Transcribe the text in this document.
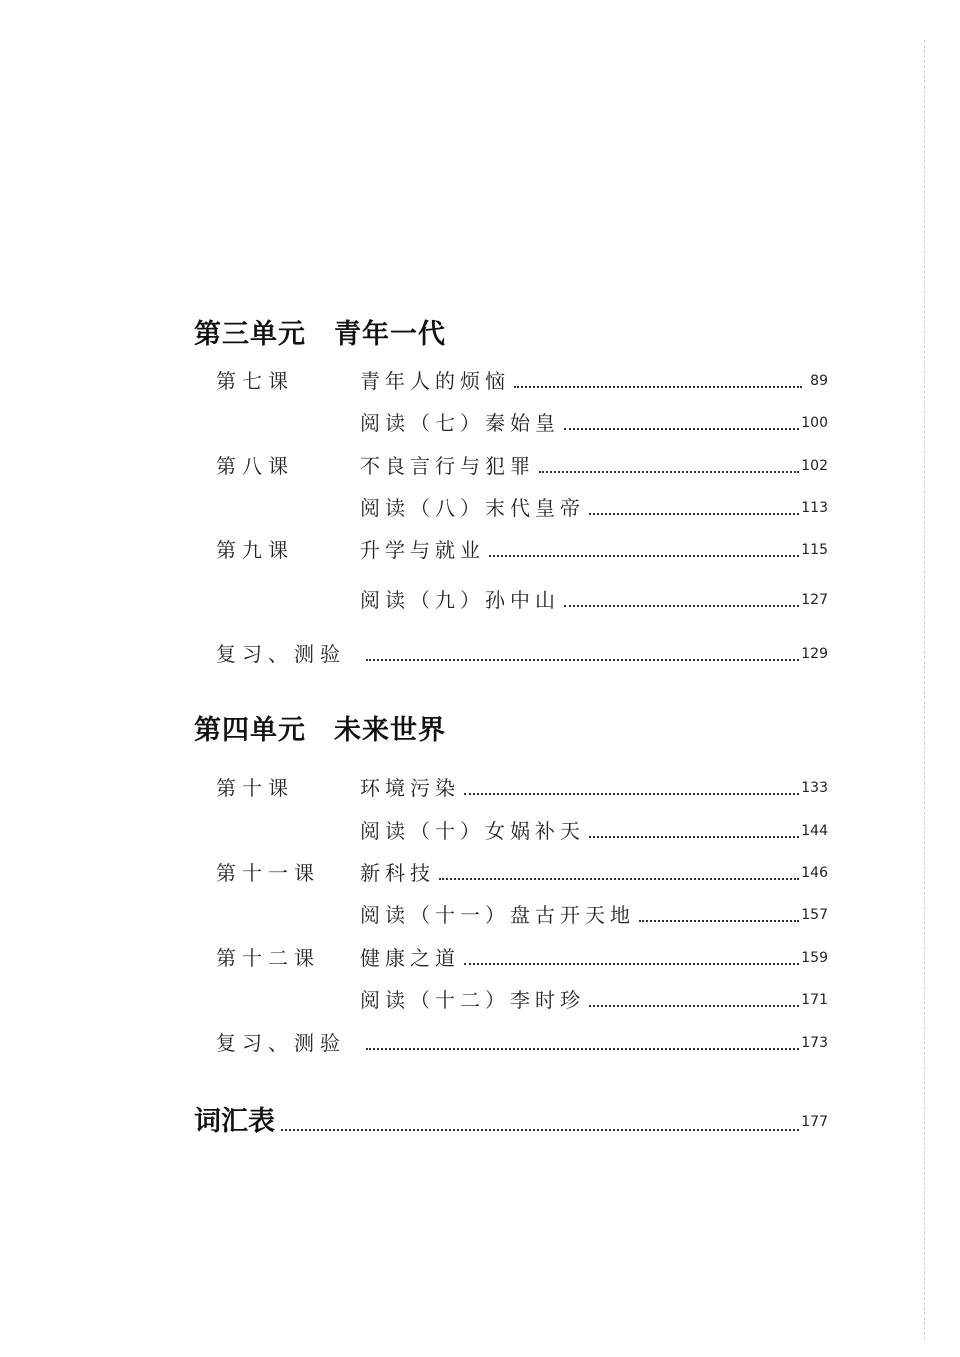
第三单元 青年一代
第七课	青年人的烦恼	89
阅读（七）秦始皇	100
第八课	不良言行与犯罪	102
阅读（八）末代皇帝	113
第九课	升学与就业	115
阅读（九）孙中山	127
复习、测验	129
第四单元 未来世界
第十课	环境污染	133
阅读（十）女娲补天	144
第十一课 新科技	146
阅读（十一）盘古开天地	157
第十二课 健康之道	159
阅读（十二）李时珍	171
复习、测验	173
词汇表	177
